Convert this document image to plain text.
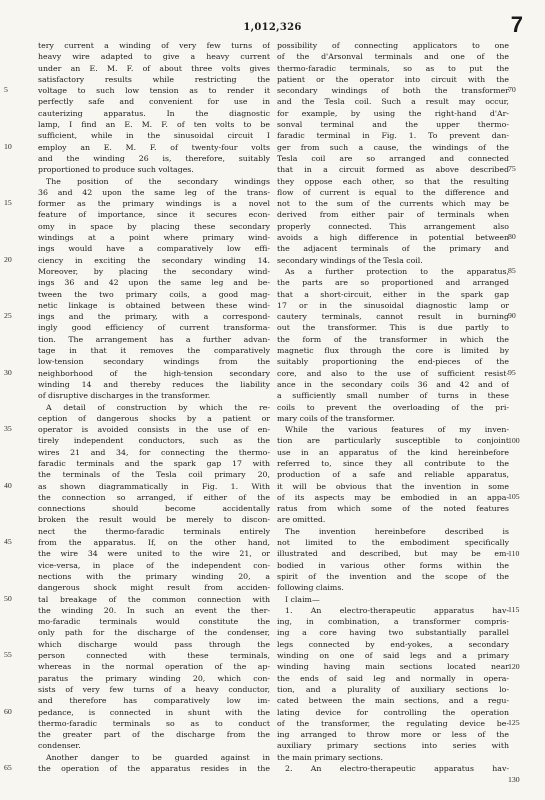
1,012,326	7
tery current a winding of very few turns of
heavy wire adapted to give a heavy current
under an E. M. F. of about three volts gives
satisfactory results while restricting the
voltage to such low tension as to render it
perfectly safe and convenient for use in
cauterizing apparatus. In the diagnostic
lamp, I find an E. M. F. of ten volts to be
sufficient, while in the sinusoidal circuit I
employ an E. M. F. of twenty-four volts
and the winding 26 is, therefore, suitably
proportioned to produce such voltages.
The position of the secondary windings
36 and 42 upon the same leg of the trans-
former as the primary windings is a novel
feature of importance, since it secures econ-
omy in space by placing these secondary
windings at a point where primary wind-
ings would have a comparatively low effi-
ciency in exciting the secondary winding 14.
Moreover, by placing the secondary wind-
ings 36 and 42 upon the same leg and be-
tween the two primary coils, a good mag-
netic linkage is obtained between these wind-
ings and the primary, with a correspond-
ingly good efficiency of current transforma-
tion. The arrangement has a further advan-
tage in that it removes the comparatively
low-tension secondary windings from the
neighborhood of the high-tension secondary
winding 14 and thereby reduces the liability
of disruptive discharges in the transformer.
A detail of construction by which the re-
ception of dangerous shocks by a patient or
operator is avoided consists in the use of en-
tirely independent conductors, such as the
wires 21 and 34, for connecting the thermo-
faradic terminals and the spark gap 17 with
the terminals of the Tesla coil primary 20,
as shown diagrammatically in Fig. 1. With
the connection so arranged, if either of the
connections should become accidentally
broken the result would be merely to discon-
nect the thermo-faradic terminals entirely
from the apparatus. If, on the other hand,
the wire 34 were united to the wire 21, or
vice-versa, in place of the independent con-
nections with the primary winding 20, a
dangerous shock might result from acciden-
tal breakage of the common connection with
the winding 20. In such an event the ther-
mo-faradic terminals would constitute the
only path for the discharge of the condenser,
which discharge would pass through the
person connected with these terminals,
whereas in the normal operation of the ap-
paratus the primary winding 20, which con-
sists of very few turns of a heavy conductor,
and therefore has comparatively low im-
pedance, is connected in shunt with the
thermo-faradic terminals so as to conduct
the greater part of the discharge from the
condenser.
Another danger to be guarded against in
the operation of the apparatus resides in the
possibility of connecting applicators to one
of the d'Arsonval terminals and one of the
thermo-faradic terminals, so as to put the
patient or the operator into circuit with the
secondary windings of both the transformer
and the Tesla coil. Such a result may occur,
for example, by using the right-hand d'Ar-
sonval terminal and the upper thermo-
faradic terminal in Fig. 1. To prevent dan-
ger from such a cause, the windings of the
Tesla coil are so arranged and connected
that in a circuit formed as above described
they oppose each other, so that the resulting
flow of current is equal to the difference and
not to the sum of the currents which may be
derived from either pair of terminals when
properly connected. This arrangement also
avoids a high difference in potential between
the adjacent terminals of the primary and
secondary windings of the Tesla coil.
As a further protection to the apparatus,
the parts are so proportioned and arranged
that a short-circuit, either in the spark gap
17 or in the sinusoidal diagnostic lamp or
cautery terminals, cannot result in burning
out the transformer. This is due partly to
the form of the transformer in which the
magnetic flux through the core is limited by
suitably proportioning the end-pieces of the
core, and also to the use of sufficient resist-
ance in the secondary coils 36 and 42 and of
a sufficiently small number of turns in these
coils to prevent the overloading of the pri-
mary coils of the transformer.
While the various features of my inven-
tion are particularly susceptible to conjoint
use in an apparatus of the kind hereinbefore
referred to, since they all contribute to the
production of a safe and reliable apparatus,
it will be obvious that the invention in some
of its aspects may be embodied in an appa-
ratus from which some of the noted features
are omitted.
The invention hereinbefore described is
not limited to the embodiment specifically
illustrated and described, but may be em-
bodied in various other forms within the
spirit of the invention and the scope of the
following claims.
I claim—
1. An electro-therapeutic apparatus hav-
ing, in combination, a transformer compris-
ing a core having two substantially parallel
legs connected by end-yokes, a secondary
winding on one of said legs and a primary
winding having main sections located near
the ends of said leg and normally in opera-
tion, and a plurality of auxiliary sections lo-
cated between the main sections, and a regu-
lating device for controlling the operation
of the transformer, the regulating device be-
ing arranged to throw more or less of the
auxiliary primary sections into series with
the main primary sections.
2. An electro-therapeutic apparatus hav-
5
10
15
20
25
30
35
40
45
50
55
60
65
70
75
80
85
90
95
100
105
110
115
120
125
130
